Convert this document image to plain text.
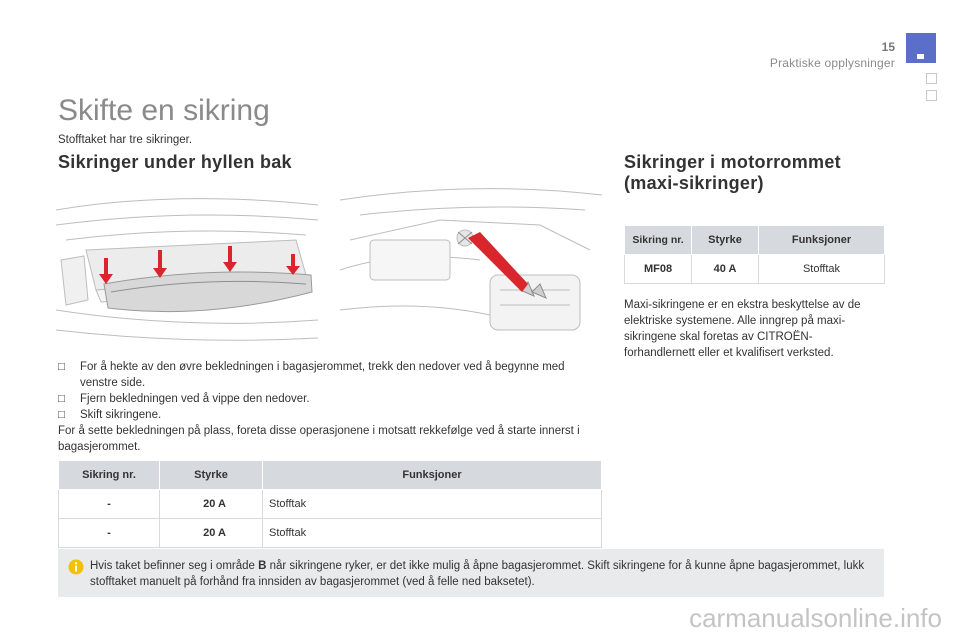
15
Praktiske opplysninger
Skifte en sikring
Stofftaket har tre sikringer.
Sikringer under hyllen bak
□ For å hekte av den øvre bekledningen i bagasjerommet, trekk den nedover ved å begynne med venstre side.
□ Fjern bekledningen ved å vippe den nedover.
□ Skift sikringene.
For å sette bekledningen på plass, foreta disse operasjonene i motsatt rekkefølge ved å starte innerst i bagasjerommet.
Sikring nr.	Styrke	Funksjoner
-	20 A	Stofftak
-	20 A	Stofftak
Sikringer i motorrommet
(maxi-sikringer)
Sikring nr.	Styrke	Funksjoner
MF08	40 A	Stofftak
Maxi-sikringene er en ekstra beskyttelse av de elektriske systemene. Alle inngrep på maxi-sikringene skal foretas av CITROËN-forhandlernett eller et kvalifisert verksted.
Hvis taket befinner seg i område B når sikringene ryker, er det ikke mulig å åpne bagasjerommet. Skift sikringene for å kunne åpne bagasjerommet, lukk stofftaket manuelt på forhånd fra innsiden av bagasjerommet (ved å felle ned baksetet).
carmanualsonline.info
